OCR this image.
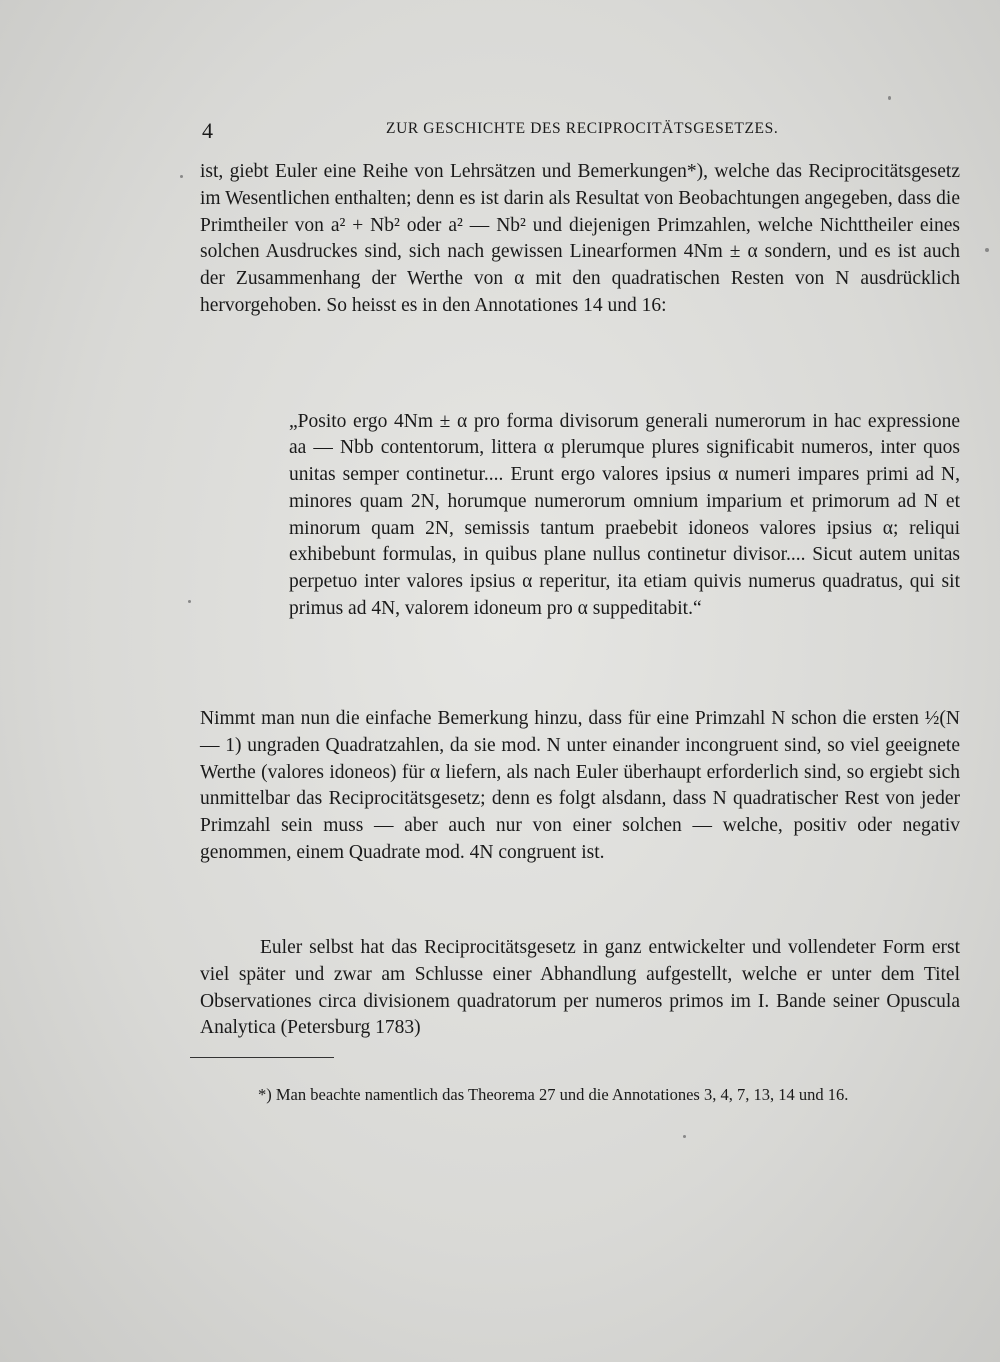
4	ZUR GESCHICHTE DES RECIPROCITÄTSGESETZES.

ist, giebt Euler eine Reihe von Lehrsätzen und Bemerkungen*), welche das Reciprocitätsgesetz im Wesentlichen enthalten; denn es ist darin als Resultat von Beobachtungen angegeben, dass die Primtheiler von a² + Nb² oder a² — Nb² und diejenigen Primzahlen, welche Nichttheiler eines solchen Ausdruckes sind, sich nach gewissen Linearformen 4Nm ± α sondern, und es ist auch der Zusammenhang der Werthe von α mit den quadratischen Resten von N ausdrücklich hervorgehoben. So heisst es in den Annotationes 14 und 16:

„Posito ergo 4Nm ± α pro forma divisorum generali numerorum in hac expressione aa — Nbb contentorum, littera α plerumque plures significabit numeros, inter quos unitas semper continetur.... Erunt ergo valores ipsius α numeri impares primi ad N, minores quam 2N, horumque numerorum omnium imparium et primorum ad N et minorum quam 2N, semissis tantum praebebit idoneos valores ipsius α; reliqui exhibebunt formulas, in quibus plane nullus continetur divisor.... Sicut autem unitas perpetuo inter valores ipsius α reperitur, ita etiam quivis numerus quadratus, qui sit primus ad 4N, valorem idoneum pro α suppeditabit.“

Nimmt man nun die einfache Bemerkung hinzu, dass für eine Primzahl N schon die ersten ½(N — 1) ungraden Quadratzahlen, da sie mod. N unter einander incongruent sind, so viel geeignete Werthe (valores idoneos) für α liefern, als nach Euler überhaupt erforderlich sind, so ergiebt sich unmittelbar das Reciprocitätsgesetz; denn es folgt alsdann, dass N quadratischer Rest von jeder Primzahl sein muss — aber auch nur von einer solchen — welche, positiv oder negativ genommen, einem Quadrate mod. 4N congruent ist.

Euler selbst hat das Reciprocitätsgesetz in ganz entwickelter und vollendeter Form erst viel später und zwar am Schlusse einer Abhandlung aufgestellt, welche er unter dem Titel Observationes circa divisionem quadratorum per numeros primos im I. Bande seiner Opuscula Analytica (Petersburg 1783)

*) Man beachte namentlich das Theorema 27 und die Annotationes 3, 4, 7, 13, 14 und 16.
